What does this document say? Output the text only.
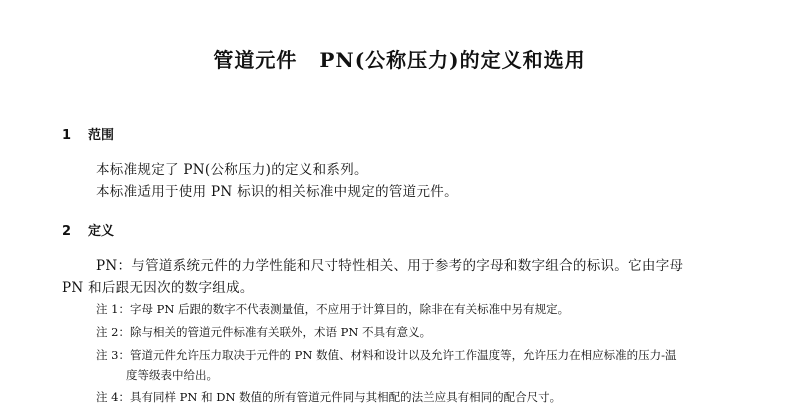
管道元件 PN(公称压力)的定义和选用
1 范围
本标准规定了 PN(公称压力)的定义和系列。
本标准适用于使用 PN 标识的相关标准中规定的管道元件。
2 定义
PN：与管道系统元件的力学性能和尺寸特性相关、用于参考的字母和数字组合的标识。它由字母
PN 和后跟无因次的数字组成。
注 1：字母 PN 后跟的数字不代表测量值，不应用于计算目的，除非在有关标准中另有规定。
注 2：除与相关的管道元件标准有关联外，术语 PN 不具有意义。
注 3：管道元件允许压力取决于元件的 PN 数值、材料和设计以及允许工作温度等，允许压力在相应标准的压力-温
度等级表中给出。
注 4：具有同样 PN 和 DN 数值的所有管道元件同与其相配的法兰应具有相同的配合尺寸。
